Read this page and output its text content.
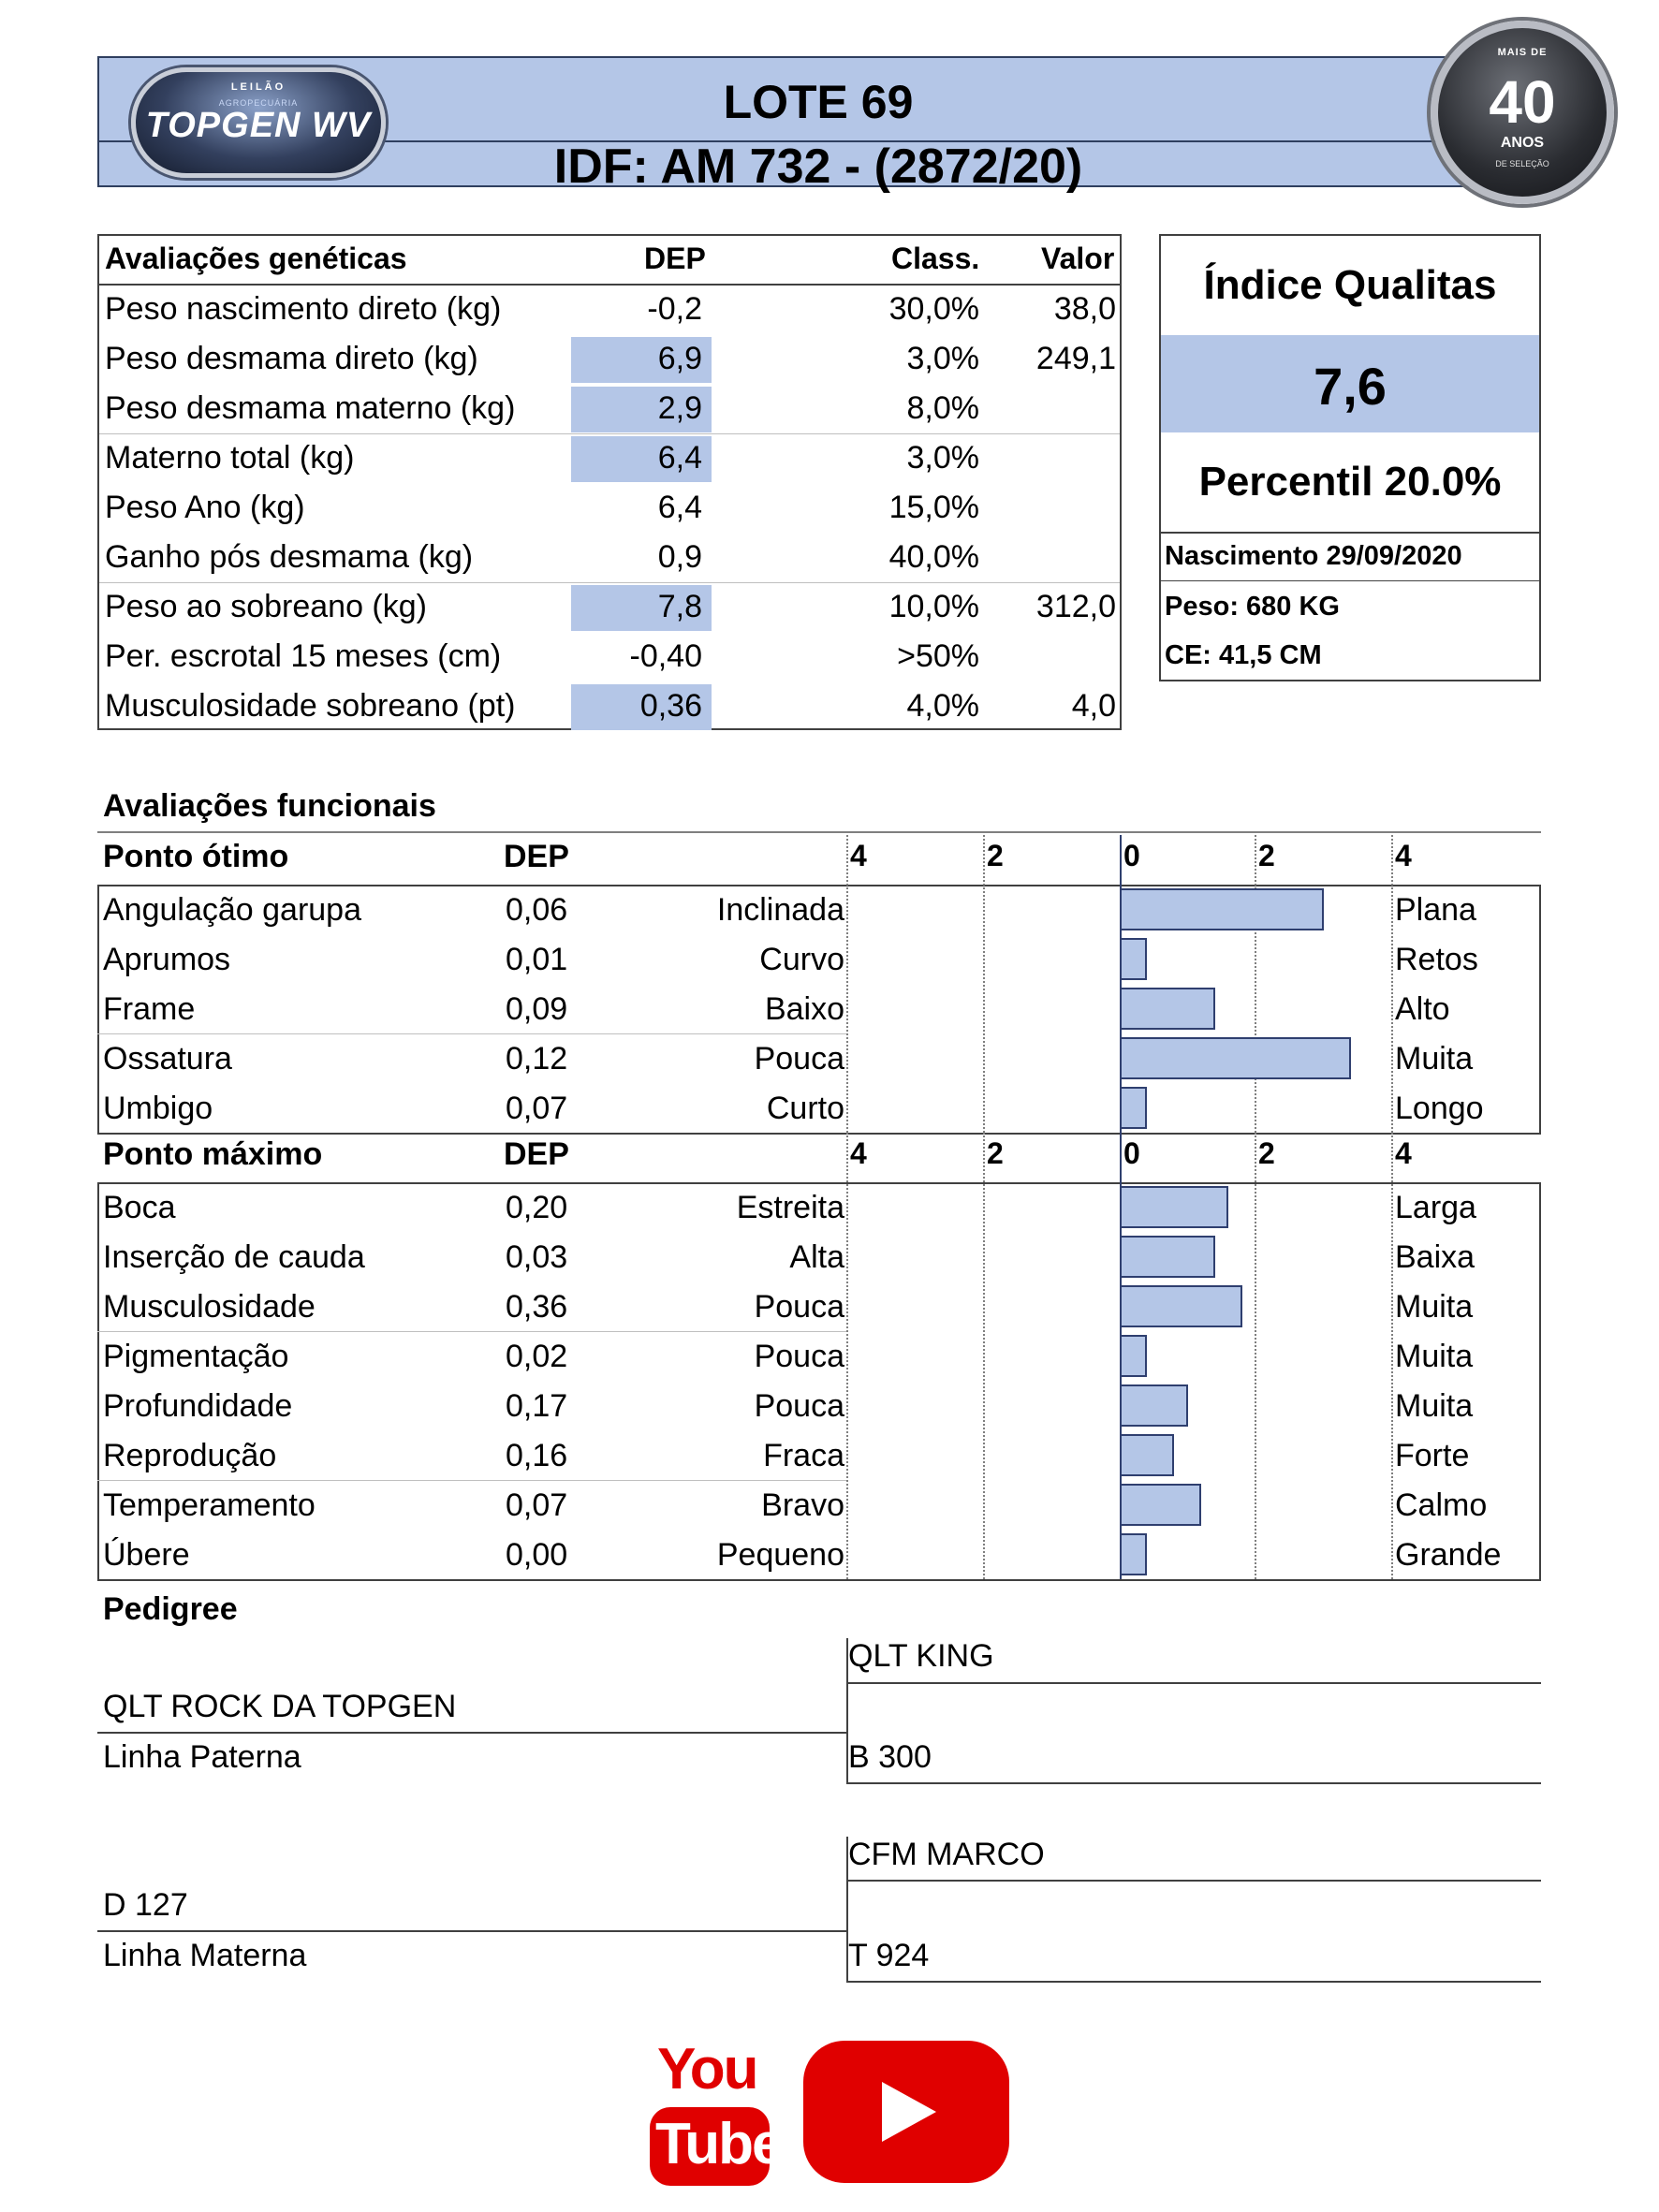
LOTE 69
IDF: AM 732 - (2872/20)
LEILÃO
AGROPECUÁRIA
TOPGEN WV
MAIS DE
40
ANOS
DE SELEÇÃO
Avaliações genéticas	DEP	Class. Valor
Peso nascimento direto (kg)	-0,2	30,0% 38,0
Peso desmama direto (kg)	6,9	3,0% 249,1
Peso desmama materno (kg)	2,9	8,0%
Materno total (kg)	6,4	3,0%
Peso Ano (kg)	6,4	15,0%
Ganho pós desmama (kg)	0,9	40,0%
Peso ao sobreano (kg)	7,8	10,0% 312,0
Per. escrotal 15 meses (cm)	-0,40	>50%
Musculosidade sobreano (pt)	0,36	4,0%	4,0
Índice Qualitas
7,6
Percentil 20.0%
Nascimento 29/09/2020
Peso: 680 KG
CE: 41,5 CM
Avaliações funcionais
Ponto ótimo	DEP	4	2	0	2	4
Angulação garupa	0,06	Inclinada	Plana
Aprumos	0,01	Curvo	Retos
Frame	0,09	Baixo	Alto
Ossatura	0,12	Pouca	Muita
Umbigo	0,07	Curto	Longo
Ponto máximo	DEP	4	2	0	2	4
Boca	0,20	Estreita	Larga
Inserção de cauda	0,03	Alta	Baixa
Musculosidade	0,36	Pouca	Muita
Pigmentação	0,02	Pouca	Muita
Profundidade	0,17	Pouca	Muita
Reprodução	0,16	Fraca	Forte
Temperamento	0,07	Bravo	Calmo
Úbere	0,00	Pequeno	Grande
Pedigree
QLT KING
QLT ROCK DA TOPGEN
Linha Paterna	B 300
CFM MARCO
D 127
Linha Materna	T 924
You
Tube
